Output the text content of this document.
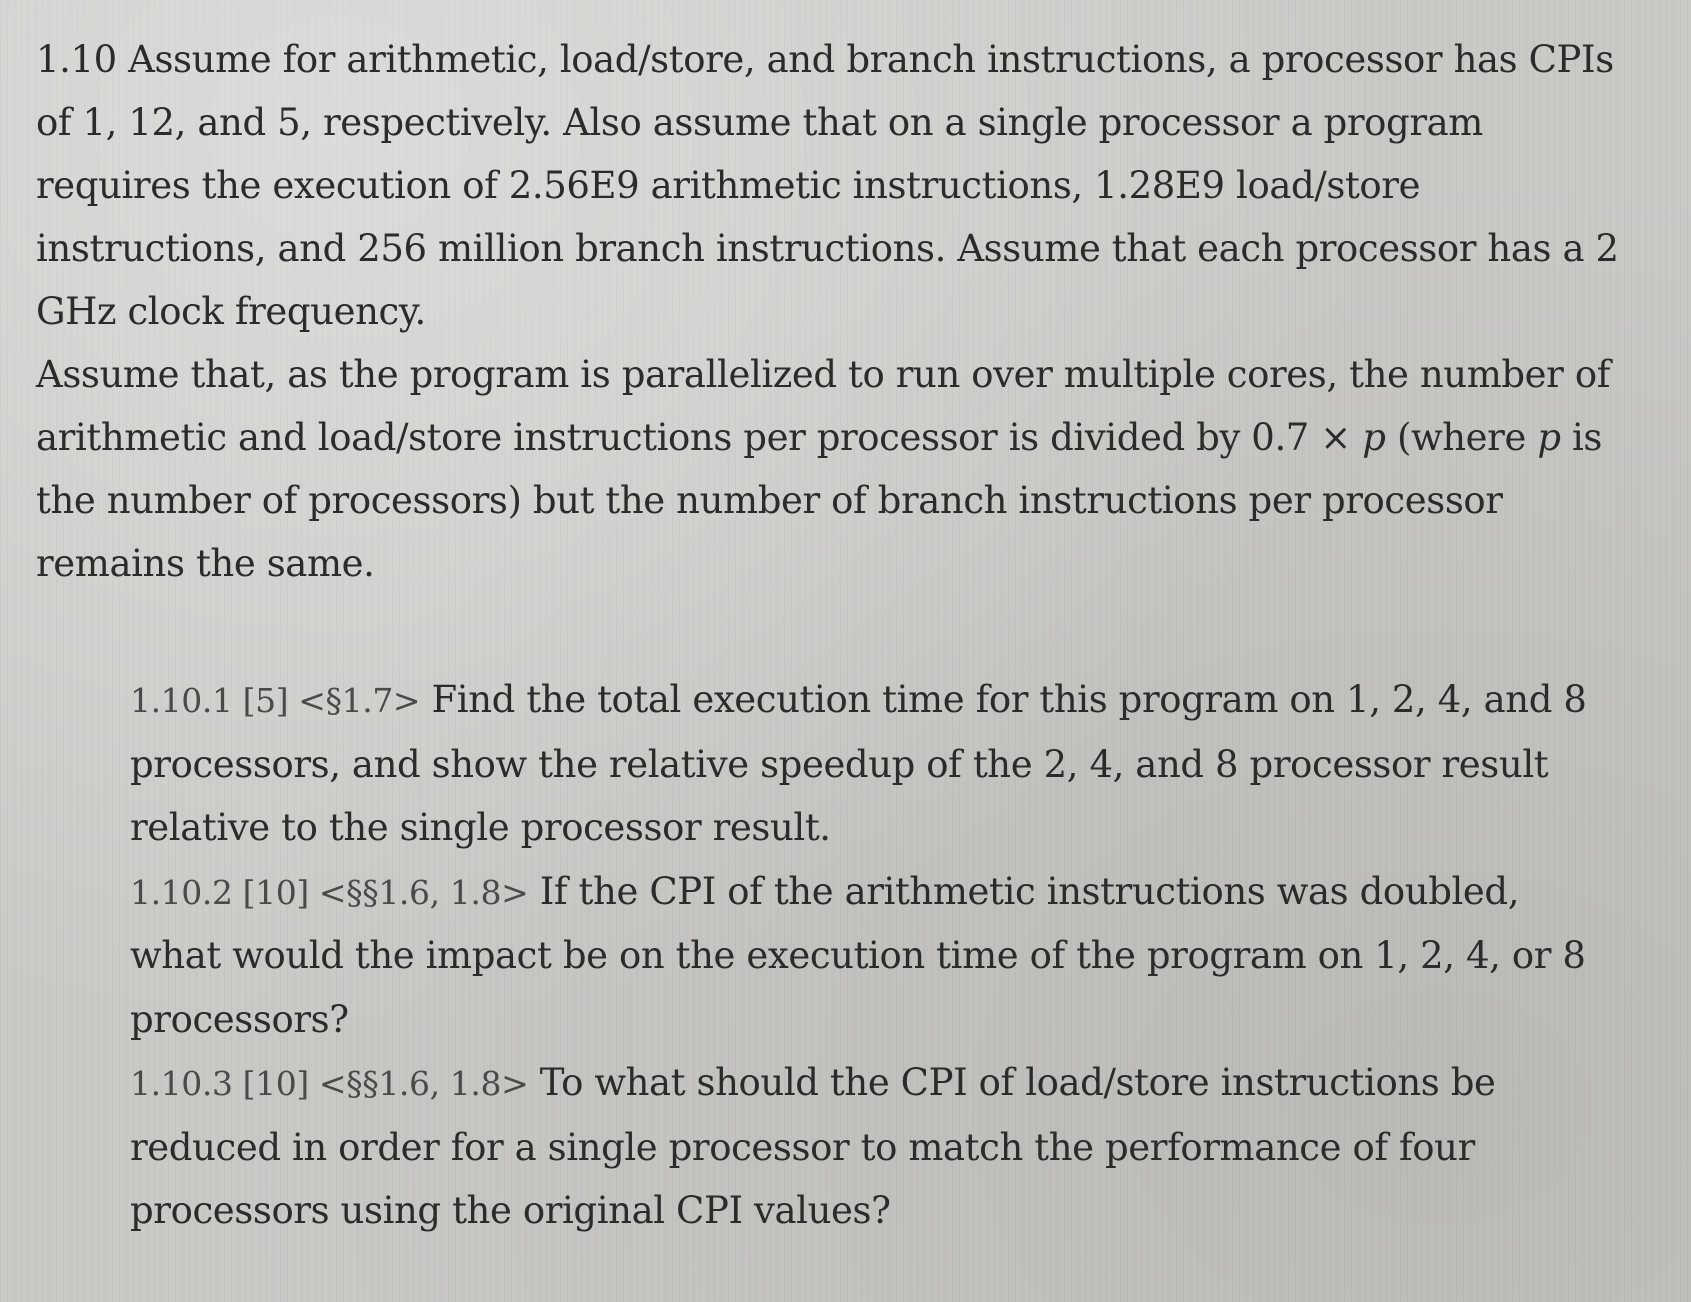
1.10 Assume for arithmetic, load/store, and branch instructions, a processor has CPIs of 1, 12, and 5, respectively. Also assume that on a single processor a program requires the execution of 2.56E9 arithmetic instructions, 1.28E9 load/store instructions, and 256 million branch instructions. Assume that each processor has a 2 GHz clock frequency.

Assume that, as the program is parallelized to run over multiple cores, the number of arithmetic and load/store instructions per processor is divided by 0.7 × p (where p is the number of processors) but the number of branch instructions per processor remains the same.

1.10.1 [5] <§1.7> Find the total execution time for this program on 1, 2, 4, and 8 processors, and show the relative speedup of the 2, 4, and 8 processor result relative to the single processor result.

1.10.2 [10] <§§1.6, 1.8> If the CPI of the arithmetic instructions was doubled, what would the impact be on the execution time of the program on 1, 2, 4, or 8 processors?

1.10.3 [10] <§§1.6, 1.8> To what should the CPI of load/store instructions be reduced in order for a single processor to match the performance of four processors using the original CPI values?
